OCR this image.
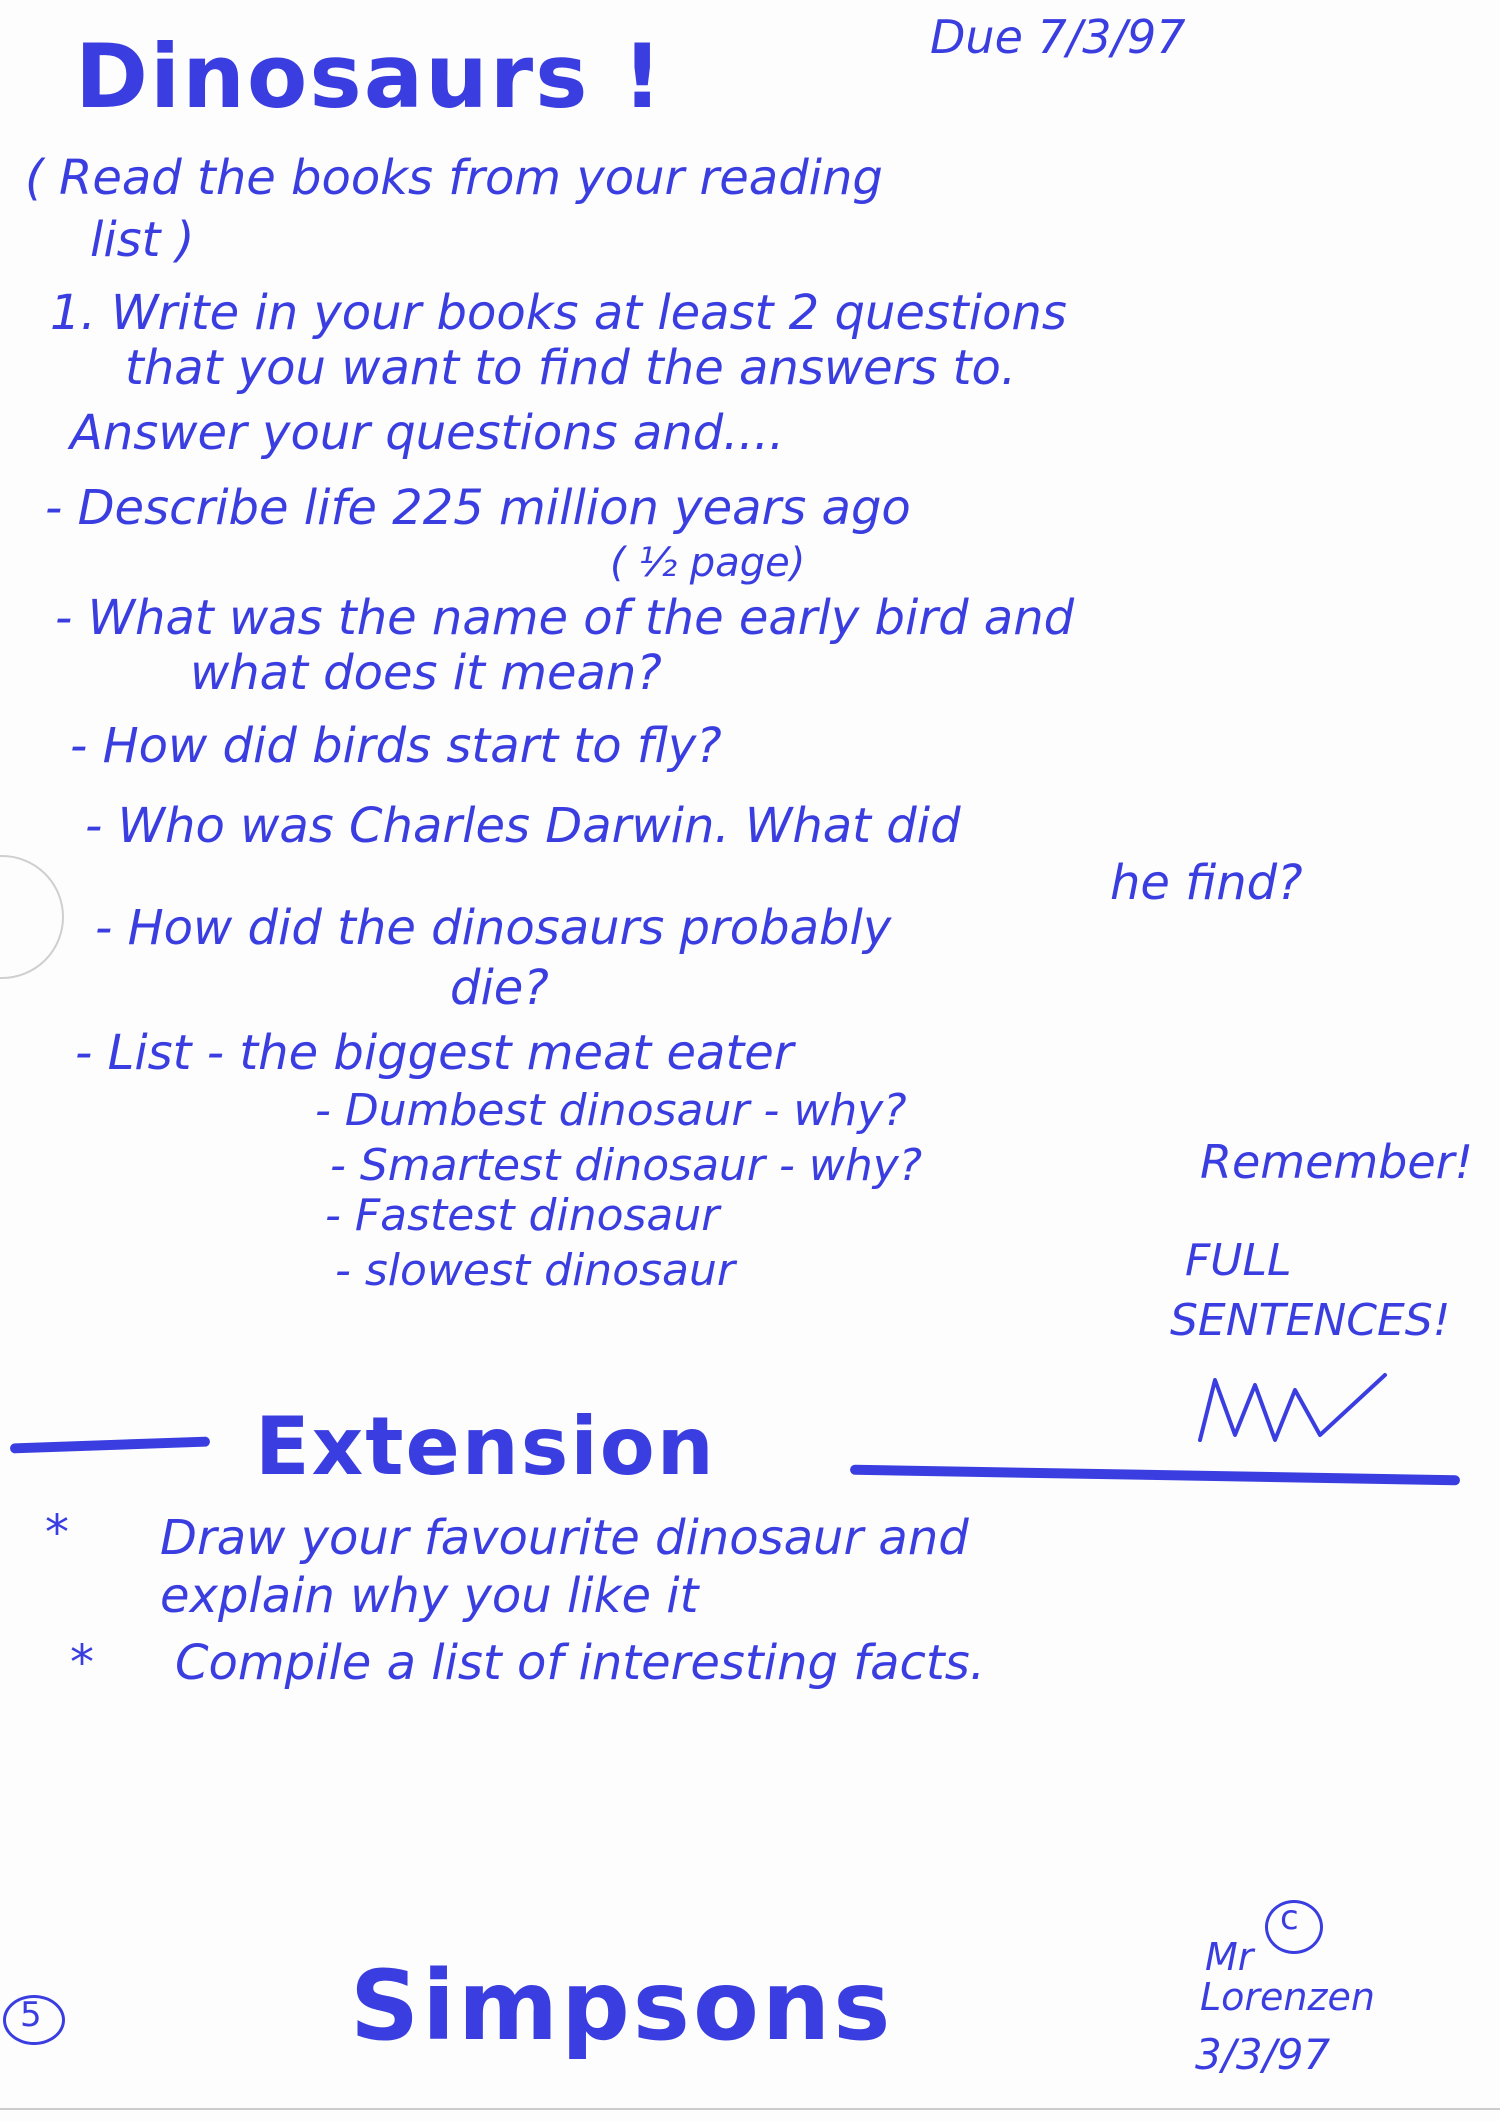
Dinosaurs !	Due 7/3/97
( Read the books from your reading
list )
1. Write in your books at least 2 questions
that you want to find the answers to.
Answer your questions and....
- Describe life 225 million years ago
( ½ page)
- What was the name of the early bird and
what does it mean?
- How did birds start to fly?
- Who was Charles Darwin. What did
he find?
- How did the dinosaurs probably
die?
- List - the biggest meat eater
- Dumbest dinosaur - why?
- Smartest dinosaur - why?
- Fastest dinosaur
- slowest dinosaur
Remember!
FULL
SENTENCES!
Extension
* Draw your favourite dinosaur and
explain why you like it
* Compile a list of interesting facts.
5	Simpsons
c
Mr
Lorenzen
3/3/97
